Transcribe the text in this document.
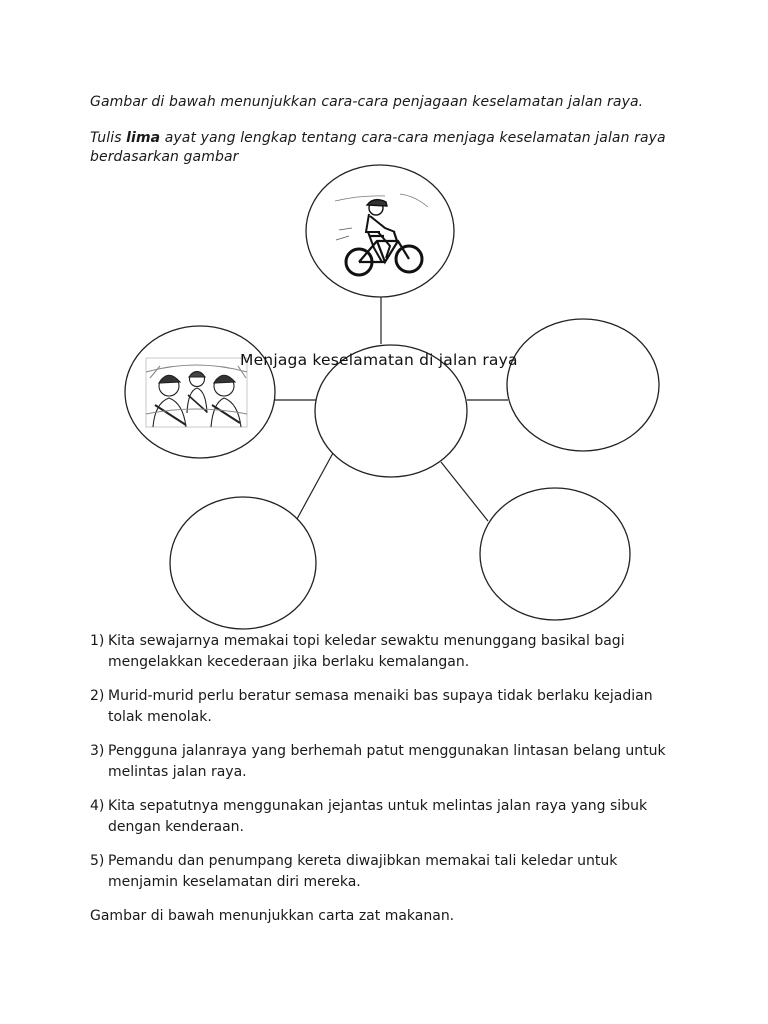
Gambar di bawah menunjukkan cara-cara penjagaan keselamatan jalan raya.
Tulis lima ayat yang lengkap tentang cara-cara menjaga keselamatan jalan raya berdasarkan gambar
Menjaga keselamatan di jalan raya
1) Kita sewajarnya memakai topi keledar sewaktu menunggang basikal bagi mengelakkan kecederaan jika berlaku kemalangan.
2) Murid-murid perlu beratur semasa menaiki bas supaya tidak berlaku kejadian tolak menolak.
3) Pengguna jalanraya yang berhemah patut menggunakan lintasan belang untuk melintas jalan raya.
4) Kita sepatutnya menggunakan jejantas untuk melintas jalan raya yang sibuk dengan kenderaan.
5) Pemandu dan penumpang kereta diwajibkan memakai tali keledar untuk menjamin keselamatan diri mereka.
Gambar di bawah menunjukkan carta zat makanan.
